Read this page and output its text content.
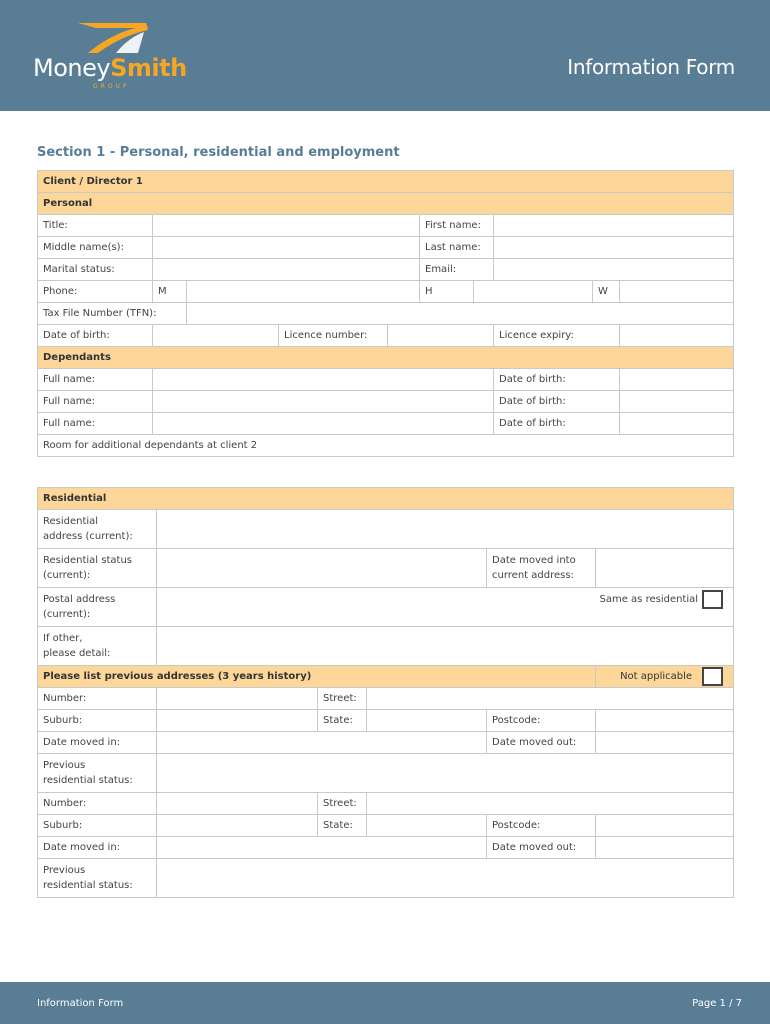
MoneySmith
GROUP
Information Form
Section 1 - Personal, residential and employment
Client / Director 1									
Personal									
Title:					First name:				
Middle name(s):					Last name:				
Marital status:					Email:				
Phone:	M				H			W	
Tax File Number (TFN):									
Date of birth:			Licence number:				Licence expiry:		
Dependants									
Full name:							Date of birth:		
Full name:							Date of birth:		
Full name:							Date of birth:		
Room for additional dependants at client 2									
Residential					
Residential
address (current):					
Residential status
(current):				Date moved into
current address:	
Postal address
(current):	Same as residential				
If other,
please detail:					
Please list previous addresses (3 years history)					Not applicable
Number:		Street:			
Suburb:		State:		Postcode:	
Date moved in:				Date moved out:	
Previous
residential status:					
Number:		Street:			
Suburb:		State:		Postcode:	
Date moved in:				Date moved out:	
Previous
residential status:					
Information Form	Page 1 / 7
